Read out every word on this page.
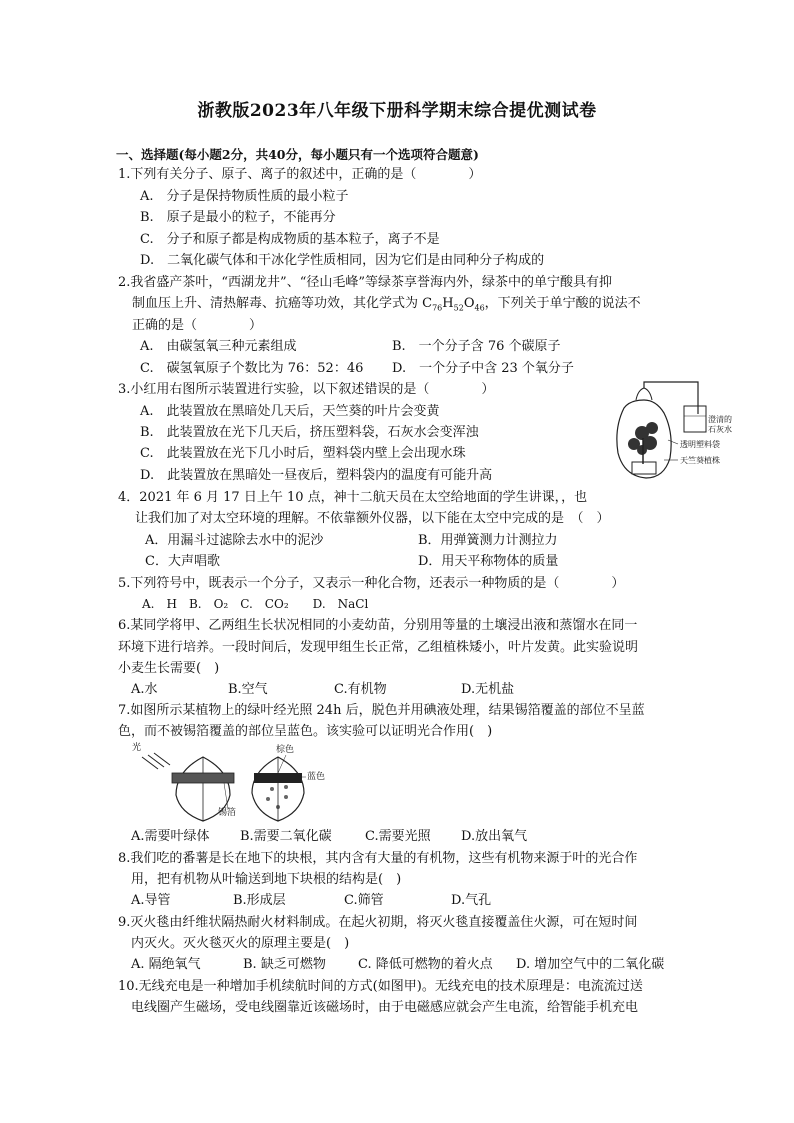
浙教版2023年八年级下册科学期末综合提优测试卷
一、选择题(每小题2分，共40分，每小题只有一个选项符合题意)
1.下列有关分子、原子、离子的叙述中，正确的是（　　　　）
A.　分子是保持物质性质的最小粒子
B.　原子是最小的粒子，不能再分
C.　分子和原子都是构成物质的基本粒子，离子不是
D.　二氧化碳气体和干冰化学性质相同，因为它们是由同种分子构成的
2.我省盛产茶叶，“西湖龙井”、“径山毛峰”等绿茶享誉海内外，绿茶中的单宁酸具有抑
制血压上升、清热解毒、抗癌等功效，其化学式为 $C_{76}H_{52}O_{46}$，下列关于单宁酸的说法不
正确的是（　　　　）
A.　由碳氢氧三种元素组成	B.　一个分子含 76 个碳原子
C.　碳氢氧原子个数比为 76：52：46 D.　一个分子中含 23 个氧分子
3.小红用右图所示装置进行实验，以下叙述错误的是（　　　　）
A.　此装置放在黑暗处几天后，天竺葵的叶片会变黄
B.　此装置放在光下几天后，挤压塑料袋，石灰水会变浑浊
C.　此装置放在光下几小时后，塑料袋内壁上会出现水珠
D.　此装置放在黑暗处一昼夜后，塑料袋内的温度有可能升高
澄清的
石灰水
透明塑料袋
天竺葵植株
4．2021 年 6 月 17 日上午 10 点，神十二航天员在太空给地面的学生讲课，，也
让我们加了对太空环境的理解。不依靠额外仪器，以下能在太空中完成的是　（　）
A．用漏斗过滤除去水中的泥沙	B．用弹簧测力计测拉力
C．大声唱歌	D．用天平称物体的质量
5.下列符号中，既表示一个分子，又表示一种化合物，还表示一种物质的是（　　　　）
A.　H　B.　O₂　C.　CO₂　　D.　NaCl
6.某同学将甲、乙两组生长状况相同的小麦幼苗，分别用等量的土壤浸出液和蒸馏水在同一
环境下进行培养。一段时间后，发现甲组生长正常，乙组植株矮小，叶片发黄。此实验说明
小麦生长需要(　)
A.水	B.空气	C.有机物	D.无机盐
7.如图所示某植物上的绿叶经光照 24h 后，脱色并用碘液处理，结果锡箔覆盖的部位不呈蓝
色，而不被锡箔覆盖的部位呈蓝色。该实验可以证明光合作用(　)
光	棕色
蓝色
锡箔
A.需要叶绿体 B.需要二氧化碳	C.需要光照 D.放出氧气
8.我们吃的番薯是长在地下的块根，其内含有大量的有机物，这些有机物来源于叶的光合作
用，把有机物从叶输送到地下块根的结构是(　)
A.导管	B.形成层	C.筛管	D.气孔
9.灭火毯由纤维状隔热耐火材料制成。在起火初期，将灭火毯直接覆盖住火源，可在短时间
内灭火。灭火毯灭火的原理主要是(　)
A. 隔绝氧气	B. 缺乏可燃物 C. 降低可燃物的着火点 D. 增加空气中的二氧化碳
10.无线充电是一种增加手机续航时间的方式(如图甲)。无线充电的技术原理是：电流流过送
电线圈产生磁场，受电线圈靠近该磁场时，由于电磁感应就会产生电流，给智能手机充电
